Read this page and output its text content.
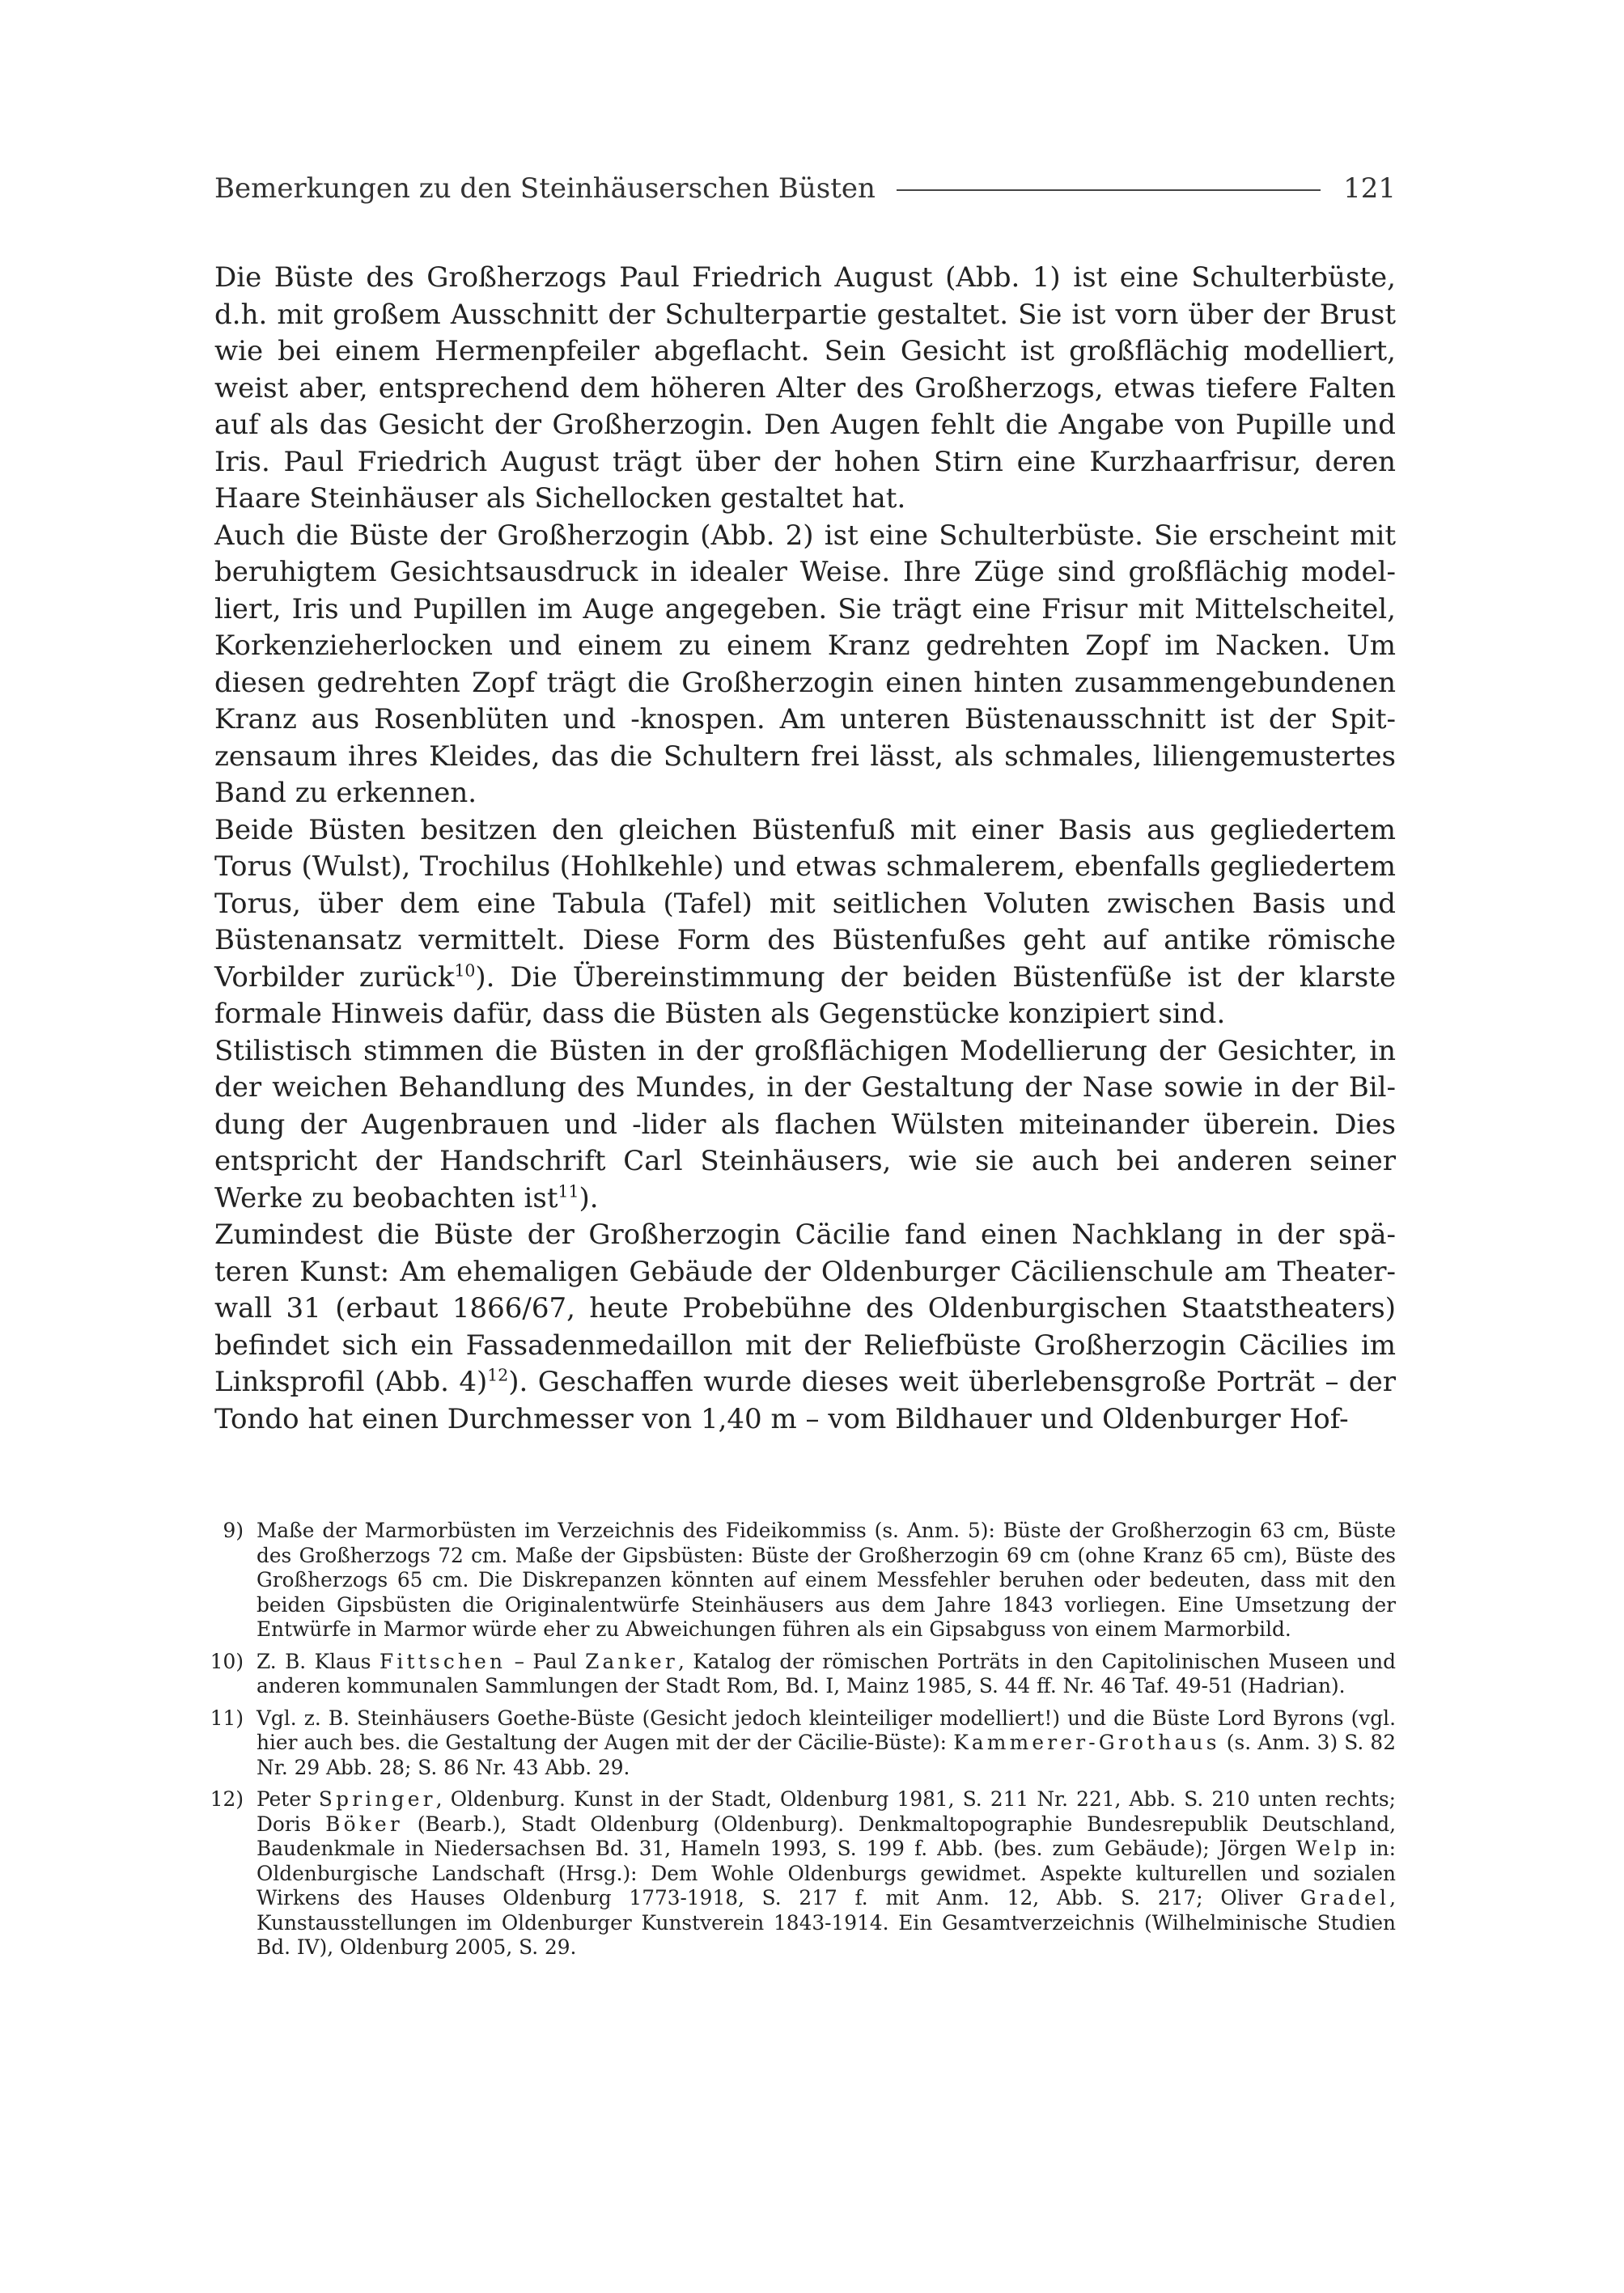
Bemerkungen zu den Steinhäuserschen Büsten	121

Die Büste des Großherzogs Paul Friedrich August (Abb. 1) ist eine Schulterbüste, d.h. mit großem Ausschnitt der Schulterpartie gestaltet. Sie ist vorn über der Brust wie bei einem Hermenpfeiler abgeflacht. Sein Gesicht ist großflächig modelliert, weist aber, entsprechend dem höheren Alter des Großherzogs, etwas tiefere Falten auf als das Gesicht der Großherzogin. Den Augen fehlt die Angabe von Pupille und Iris. Paul Friedrich August trägt über der hohen Stirn eine Kurzhaarfrisur, deren Haare Steinhäuser als Sichellocken gestaltet hat.

Auch die Büste der Großherzogin (Abb. 2) ist eine Schulterbüste. Sie erscheint mit beruhigtem Gesichtsausdruck in idealer Weise. Ihre Züge sind großflächig modelliert, Iris und Pupillen im Auge angegeben. Sie trägt eine Frisur mit Mittelscheitel, Korkenzieherlocken und einem zu einem Kranz gedrehten Zopf im Nacken. Um diesen gedrehten Zopf trägt die Großherzogin einen hinten zusammengebundenen Kranz aus Rosenblüten und -knospen. Am unteren Büstenausschnitt ist der Spitzensaum ihres Kleides, das die Schultern frei lässt, als schmales, liliengemustertes Band zu erkennen.

Beide Büsten besitzen den gleichen Büstenfuß mit einer Basis aus gegliedertem Torus (Wulst), Trochilus (Hohlkehle) und etwas schmalerem, ebenfalls gegliedertem Torus, über dem eine Tabula (Tafel) mit seitlichen Voluten zwischen Basis und Büstenansatz vermittelt. Diese Form des Büstenfußes geht auf antike römische Vorbilder zurück$^{10}$). Die Übereinstimmung der beiden Büstenfüße ist der klarste formale Hinweis dafür, dass die Büsten als Gegenstücke konzipiert sind.

Stilistisch stimmen die Büsten in der großflächigen Modellierung der Gesichter, in der weichen Behandlung des Mundes, in der Gestaltung der Nase sowie in der Bildung der Augenbrauen und -lider als flachen Wülsten miteinander überein. Dies entspricht der Handschrift Carl Steinhäusers, wie sie auch bei anderen seiner Werke zu beobachten ist$^{11}$).

Zumindest die Büste der Großherzogin Cäcilie fand einen Nachklang in der späteren Kunst: Am ehemaligen Gebäude der Oldenburger Cäcilienschule am Theaterwall 31 (erbaut 1866/67, heute Probebühne des Oldenburgischen Staatstheaters) befindet sich ein Fassadenmedaillon mit der Reliefbüste Großherzogin Cäcilies im Linksprofil (Abb. 4)$^{12}$). Geschaffen wurde dieses weit überlebensgroße Porträt – der Tondo hat einen Durchmesser von 1,40 m – vom Bildhauer und Oldenburger Hof-

9) Maße der Marmorbüsten im Verzeichnis des Fideikommiss (s. Anm. 5): Büste der Großherzogin 63 cm, Büste des Großherzogs 72 cm. Maße der Gipsbüsten: Büste der Großherzogin 69 cm (ohne Kranz 65 cm), Büste des Großherzogs 65 cm. Die Diskrepanzen könnten auf einem Messfehler beruhen oder bedeuten, dass mit den beiden Gipsbüsten die Originalentwürfe Steinhäusers aus dem Jahre 1843 vorliegen. Eine Umsetzung der Entwürfe in Marmor würde eher zu Abweichungen führen als ein Gipsabguss von einem Marmorbild.
10) Z. B. Klaus Fittschen – Paul Zanker, Katalog der römischen Porträts in den Capitolinischen Museen und anderen kommunalen Sammlungen der Stadt Rom, Bd. I, Mainz 1985, S. 44 ff. Nr. 46 Taf. 49-51 (Hadrian).
11) Vgl. z. B. Steinhäusers Goethe-Büste (Gesicht jedoch kleinteiliger modelliert!) und die Büste Lord Byrons (vgl. hier auch bes. die Gestaltung der Augen mit der der Cäcilie-Büste): Kammerer-Grothaus (s. Anm. 3) S. 82 Nr. 29 Abb. 28; S. 86 Nr. 43 Abb. 29.
12) Peter Springer, Oldenburg. Kunst in der Stadt, Oldenburg 1981, S. 211 Nr. 221, Abb. S. 210 unten rechts; Doris Böker (Bearb.), Stadt Oldenburg (Oldenburg). Denkmaltopographie Bundesrepublik Deutschland, Baudenkmale in Niedersachsen Bd. 31, Hameln 1993, S. 199 f. Abb. (bes. zum Gebäude); Jörgen Welp in: Oldenburgische Landschaft (Hrsg.): Dem Wohle Oldenburgs gewidmet. Aspekte kulturellen und sozialen Wirkens des Hauses Oldenburg 1773-1918, S. 217 f. mit Anm. 12, Abb. S. 217; Oliver Gradel, Kunstausstellungen im Oldenburger Kunstverein 1843-1914. Ein Gesamtverzeichnis (Wilhelminische Studien Bd. IV), Oldenburg 2005, S. 29.
